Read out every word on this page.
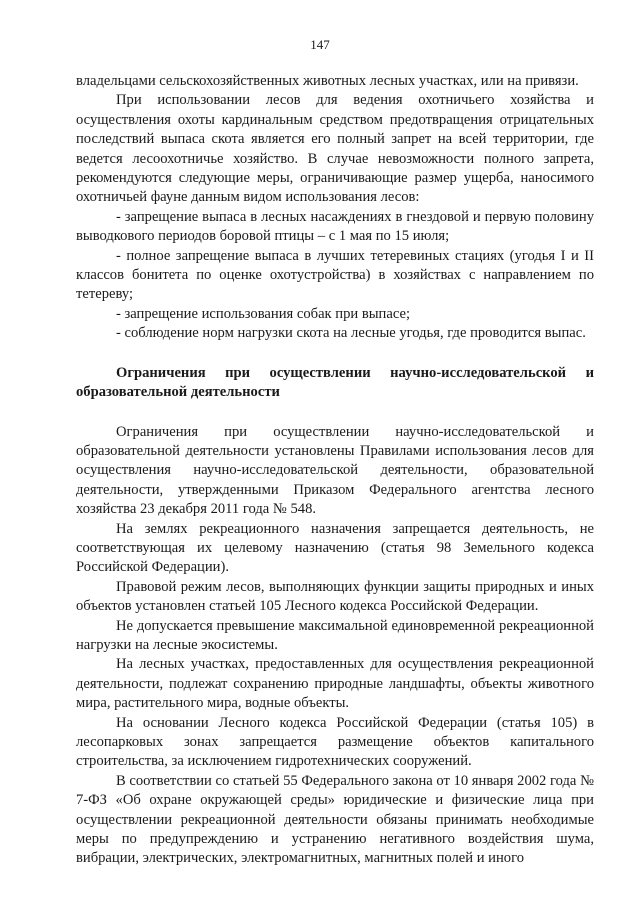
147

владельцами сельскохозяйственных животных лесных участках, или на привязи.

При использовании лесов для ведения охотничьего хозяйства и осуществления охоты кардинальным средством предотвращения отрицательных последствий выпаса скота является его полный запрет на всей территории, где ведется лесоохотничье хозяйство. В случае невозможности полного запрета, рекомендуются следующие меры, ограничивающие размер ущерба, наносимого охотничьей фауне данным видом использования лесов:

- запрещение выпаса в лесных насаждениях в гнездовой и первую половину выводкового периодов боровой птицы – с 1 мая по 15 июля;

- полное запрещение выпаса в лучших тетеревиных стациях (угодья I и II классов бонитета по оценке охотустройства) в хозяйствах с направлением по тетереву;

- запрещение использования собак при выпасе;

- соблюдение норм нагрузки скота на лесные угодья, где проводится выпас.

Ограничения при осуществлении научно-исследовательской и образовательной деятельности

Ограничения при осуществлении научно-исследовательской и образовательной деятельности установлены Правилами использования лесов для осуществления научно-исследовательской деятельности, образовательной деятельности, утвержденными Приказом Федерального агентства лесного хозяйства 23 декабря 2011 года № 548.

На землях рекреационного назначения запрещается деятельность, не соответствующая их целевому назначению (статья 98 Земельного кодекса Российской Федерации).

Правовой режим лесов, выполняющих функции защиты природных и иных объектов установлен статьей 105 Лесного кодекса Российской Федерации.

Не допускается превышение максимальной единовременной рекреационной нагрузки на лесные экосистемы.

На лесных участках, предоставленных для осуществления рекреационной деятельности, подлежат сохранению природные ландшафты, объекты животного мира, растительного мира, водные объекты.

На основании Лесного кодекса Российской Федерации (статья 105) в лесопарковых зонах запрещается размещение объектов капитального строительства, за исключением гидротехнических сооружений.

В соответствии со статьей 55 Федерального закона от 10 января 2002 года № 7-ФЗ «Об охране окружающей среды» юридические и физические лица при осуществлении рекреационной деятельности обязаны принимать необходимые меры по предупреждению и устранению негативного воздействия шума, вибрации, электрических, электромагнитных, магнитных полей и иного
